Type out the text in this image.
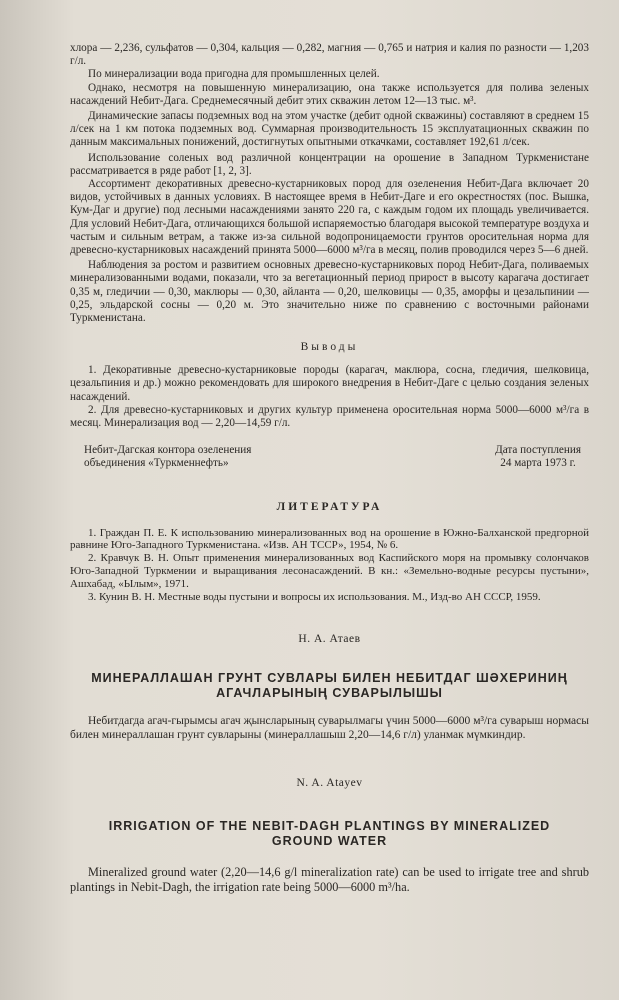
хлора — 2,236, сульфатов — 0,304, кальция — 0,282, магния — 0,765 и натрия и калия по разности — 1,203 г/л.

По минерализации вода пригодна для промышленных целей.

Однако, несмотря на повышенную минерализацию, она также используется для полива зеленых насаждений Небит-Дага. Среднемесячный дебит этих скважин летом 12—13 тыс. м³.

Динамические запасы подземных вод на этом участке (дебит одной скважины) составляют в среднем 15 л/сек на 1 км потока подземных вод. Суммарная производительность 15 эксплуатационных скважин по данным максимальных понижений, достигнутых опытными откачками, составляет 192,61 л/сек.

Использование соленых вод различной концентрации на орошение в Западном Туркменистане рассматривается в ряде работ [1, 2, 3].

Ассортимент декоративных древесно-кустарниковых пород для озеленения Небит-Дага включает 20 видов, устойчивых в данных условиях. В настоящее время в Небит-Даге и его окрестностях (пос. Вышка, Кум-Даг и другие) под лесными насаждениями занято 220 га, с каждым годом их площадь увеличивается. Для условий Небит-Дага, отличающихся большой испаряемостью благодаря высокой температуре воздуха и частым и сильным ветрам, а также из-за сильной водопроницаемости грунтов оросительная норма для древесно-кустарниковых насаждений принята 5000—6000 м³/га в месяц, полив проводился через 5—6 дней.

Наблюдения за ростом и развитием основных древесно-кустарниковых пород Небит-Дага, поливаемых минерализованными водами, показали, что за вегетационный период прирост в высоту карагача достигает 0,35 м, гледичии — 0,30, маклюры — 0,30, айланта — 0,20, шелковицы — 0,35, аморфы и цезальпинии — 0,25, эльдарской сосны — 0,20 м. Это значительно ниже по сравнению с восточными районами Туркменистана.

Выводы

1. Декоративные древесно-кустарниковые породы (карагач, маклюра, сосна, гледичия, шелковица, цезальпиния и др.) можно рекомендовать для широкого внедрения в Небит-Даге с целью создания зеленых насаждений.

2. Для древесно-кустарниковых и других культур применена оросительная норма 5000—6000 м³/га в месяц. Минерализация вод — 2,20—14,59 г/л.

Небит-Дагская контора озеленения
объединения «Туркменнефть»
Дата поступления
24 марта 1973 г.
ЛИТЕРАТУРА

1. Граждан П. Е. К использованию минерализованных вод на орошение в Южно-Балханской предгорной равнине Юго-Западного Туркменистана. «Изв. АН ТССР», 1954, № 6.

2. Кравчук В. Н. Опыт применения минерализованных вод Каспийского моря на промывку солончаков Юго-Западной Туркмении и выращивания лесонасаждений. В кн.: «Земельно-водные ресурсы пустыни», Ашхабад, «Ылым», 1971.

3. Кунин В. Н. Местные воды пустыни и вопросы их использования. М., Изд-во АН СССР, 1959.

Н. А. Атаев
МИНЕРАЛЛАШАН ГРУНТ СУВЛАРЫ БИЛЕН НЕБИТДАГ ШӘХЕРИНИҢ
АГАЧЛАРЫНЫҢ СУВАРЫЛЫШЫ

Небитдагда агач-гырымсы агач җынсларының суварылмагы үчин 5000—6000 м³/га суварыш нормасы билен минераллашан грунт сувларыны (минераллашыш 2,20—14,6 г/л) уланмак мүмкиндир.

N. A. Atayev
IRRIGATION OF THE NEBIT-DAGH PLANTINGS BY MINERALIZED
GROUND WATER

Mineralized ground water (2,20—14,6 g/l mineralization rate) can be used to irrigate tree and shrub plantings in Nebit-Dagh, the irrigation rate being 5000—6000 m³/ha.
